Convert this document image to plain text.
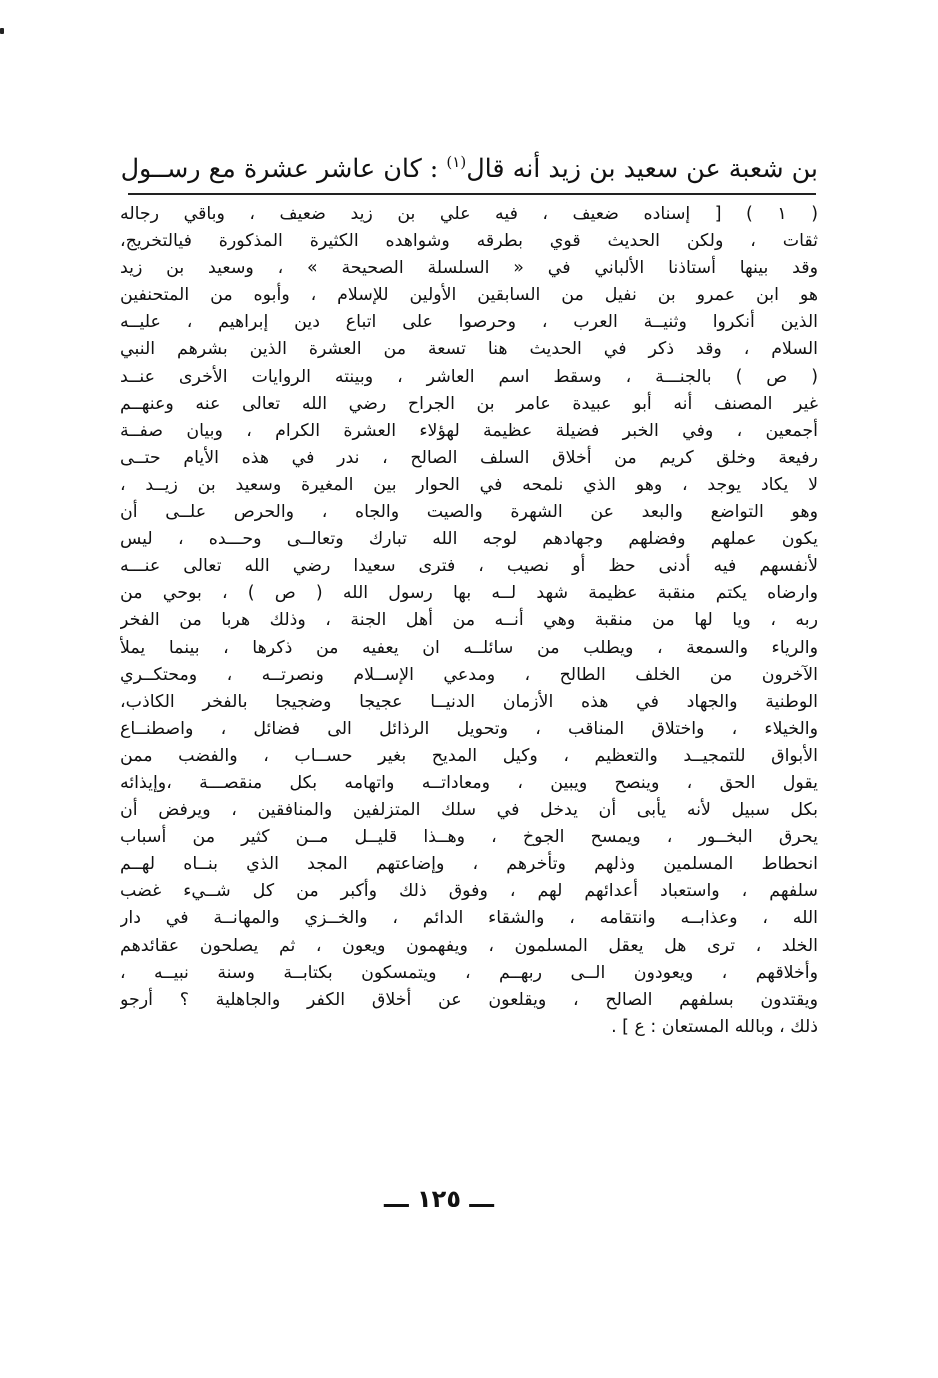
بن شعبة عن سعيد بن زيد أنه قال$^{(١)}$ : كان عاشر عشرة مع رســول
( ١ ) [ إسناده ضعيف ، فيه علي بن زيد ضعيف ، وباقي رجاله
ثقات ، ولكن الحديث قوي بطرقه وشواهده الكثيرة المذكورة فيالتخريج،
وقد بينها أستاذنا الألباني في « السلسلة الصحيحة » ، وسعيد بن زيد
هو ابن عمرو بن نفيل من السابقين الأولين للإسلام ، وأبوه من المتحنفين
الذين أنكروا وثنيــة العرب ، وحرصوا على اتباع دين إبراهيم ، عليــه
السلام ، وقد ذكر في الحديث هنا تسعة من العشرة الذين بشرهم النبي
( ص ) بالجنـــة ، وسقط اسم العاشر ، وبينته الروايات الأخرى عنــد
غير المصنف أنه أبو عبيدة عامر بن الجراح رضي الله تعالى عنه وعنهــم
أجمعين ، وفي الخبر فضيلة عظيمة لهؤلاء العشرة الكرام ، وبيان صفــة
رفيعة وخلق كريم من أخلاق السلف الصالح ، ندر في هذه الأيام حتــى
لا يكاد يوجد ، وهو الذي نلمحه في الحوار بين المغيرة وسعيد بن زيــد ،
وهو التواضع والبعد عن الشهرة والصيت والجاه ، والحرص علــى أن
يكون عملهم وفضلهم وجهادهم لوجه الله تبارك وتعالــى وحـــده ، ليس
لأنفسهم فيه أدنى حظ أو نصيب ، فترى سعيدا رضي الله تعالى عنـــه
وارضاه يكتم منقبة عظيمة شهد لــه بها رسول الله ( ص ) ، بوحي من
ربه ، ويا لها من منقبة وهي أنــه من أهل الجنة ، وذلك هربا من الفخر
والرياء والسمعة ، ويطلب من سائلــه ان يعفيه من ذكرها ، بينما يملأ
الآخرون من الخلف الطالح ، ومدعي الإســلام ونصرتــه ، ومحتكــري
الوطنية والجهاد في هذه الأزمان الدنيــا عجيجا وضجيجا بالفخر الكاذب،
والخيلاء ، واختلاق المناقب ، وتحويل الرذائل الى فضائل ، واصطنــاع
الأبواق للتمجيــد والتعظيم ، وكيل المديح بغير حســاب ، والفضب ممن
يقول الحق ، وينصح ويبين ، ومعاداتــه واتهامه بكل منقصـــة ،وإيذائه
بكل سبيل لأنه يأبى أن يدخل في سلك المتزلفين والمنافقين ، ويرفض أن
يحرق البخــور ، ويمسح الجوخ ، وهــذا قليــل مــن كثير من أسباب
انحطاط المسلمين وذلهم وتأخرهم ، وإضاعتهم المجد الذي بنــاه لهــم
سلفهم ، واستعباد أعدائهم لهم ، وفوق ذلك وأكبر من كل شــيء غضب
الله ، وعذابــه وانتقامه ، والشقاء الدائم ، والخــزي والمهانــة في دار
الخلد ، ترى هل يعقل المسلمون ، ويفهمون ويعون ، ثم يصلحون عقائدهم
وأخلاقهم ، ويعودون الــى ربهــم ، ويتمسكون بكتابــة وسنة نبيــه ،
ويقتدون بسلفهم الصالح ، ويقلعون عن أخلاق الكفر والجاهلية ؟ أرجو
ذلك ، وبالله المستعان : ع ] .
ـــ ١٢٥ ـــ
